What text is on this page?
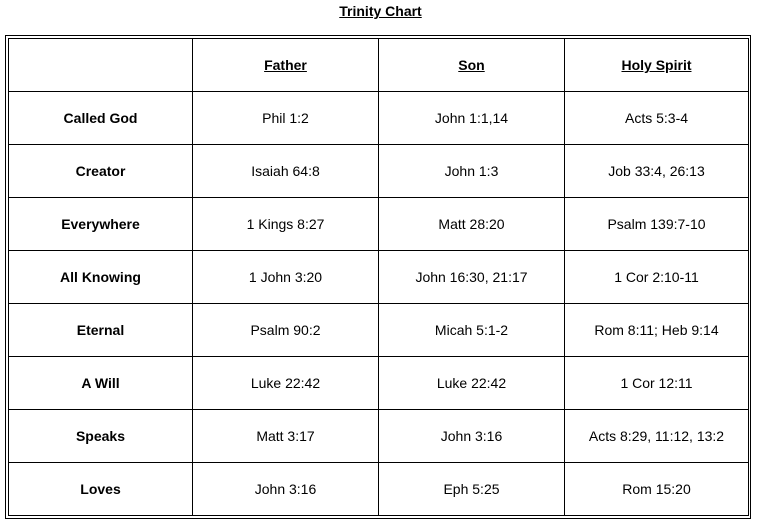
Trinity Chart
	Father	Son	Holy Spirit
Called God	Phil 1:2	John 1:1,14	Acts 5:3-4
Creator	Isaiah 64:8	John 1:3	Job 33:4, 26:13
Everywhere	1 Kings 8:27	Matt 28:20	Psalm 139:7-10
All Knowing	1 John 3:20	John 16:30, 21:17	1 Cor 2:10-11
Eternal	Psalm 90:2	Micah 5:1-2	Rom 8:11; Heb 9:14
A Will	Luke 22:42	Luke 22:42	1 Cor 12:11
Speaks	Matt 3:17	John 3:16	Acts 8:29, 11:12, 13:2
Loves	John 3:16	Eph 5:25	Rom 15:20
